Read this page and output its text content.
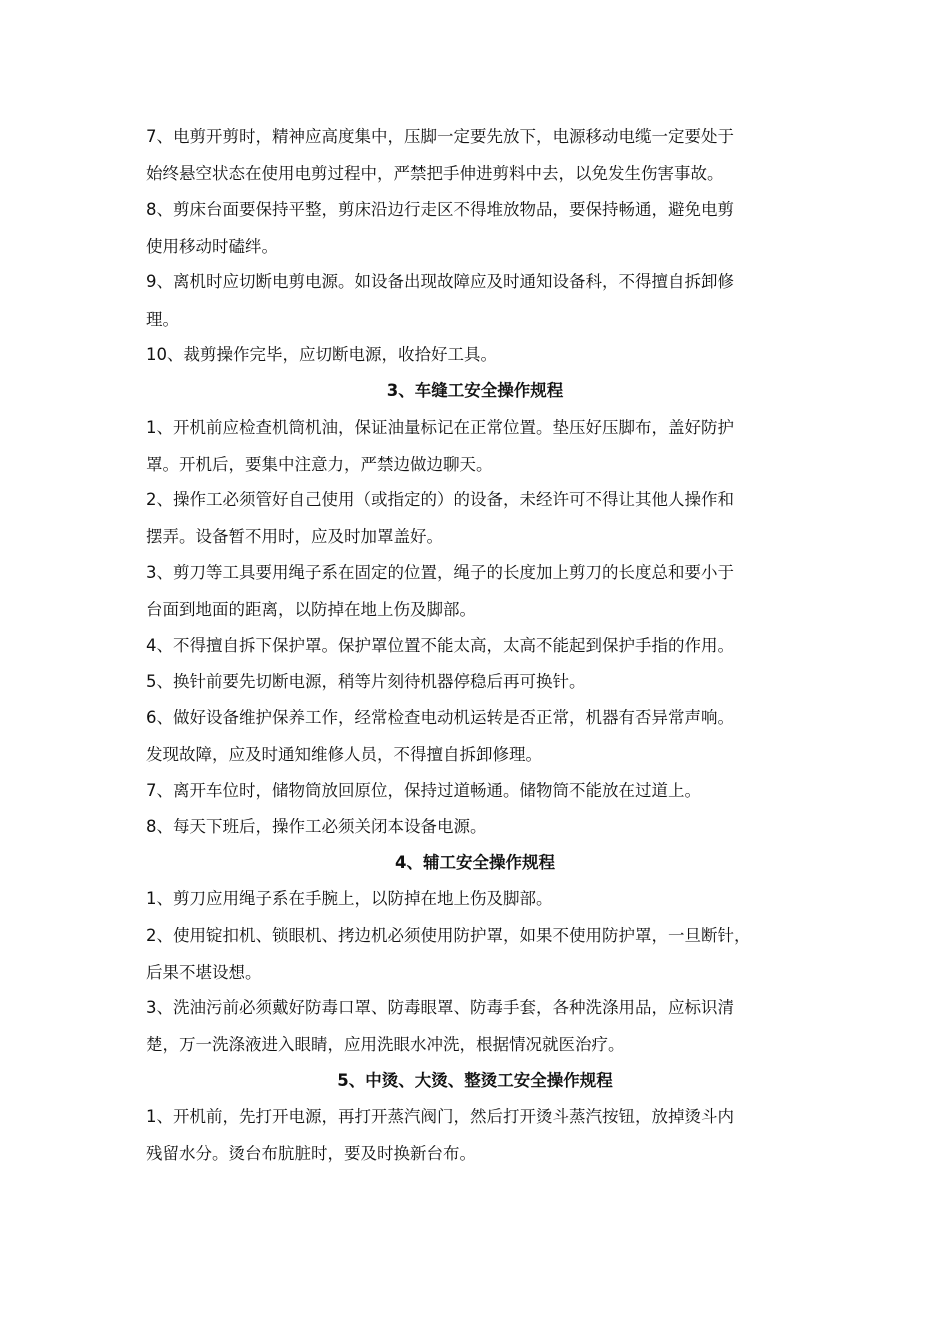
7、电剪开剪时，精神应高度集中，压脚一定要先放下，电源移动电缆一定要处于
始终悬空状态在使用电剪过程中，严禁把手伸进剪料中去，以免发生伤害事故。
8、剪床台面要保持平整，剪床沿边行走区不得堆放物品，要保持畅通，避免电剪
使用移动时磕绊。
9、离机时应切断电剪电源。如设备出现故障应及时通知设备科，不得擅自拆卸修
理。
10、裁剪操作完毕，应切断电源，收拾好工具。
3、车缝工安全操作规程
1、开机前应检查机筒机油，保证油量标记在正常位置。垫压好压脚布，盖好防护
罩。开机后，要集中注意力，严禁边做边聊天。
2、操作工必须管好自己使用（或指定的）的设备，未经许可不得让其他人操作和
摆弄。设备暂不用时，应及时加罩盖好。
3、剪刀等工具要用绳子系在固定的位置，绳子的长度加上剪刀的长度总和要小于
台面到地面的距离，以防掉在地上伤及脚部。
4、不得擅自拆下保护罩。保护罩位置不能太高，太高不能起到保护手指的作用。
5、换针前要先切断电源，稍等片刻待机器停稳后再可换针。
6、做好设备维护保养工作，经常检查电动机运转是否正常，机器有否异常声响。
发现故障，应及时通知维修人员，不得擅自拆卸修理。
7、离开车位时，储物筒放回原位，保持过道畅通。储物筒不能放在过道上。
8、每天下班后，操作工必须关闭本设备电源。
4、辅工安全操作规程
1、剪刀应用绳子系在手腕上，以防掉在地上伤及脚部。
2、使用锭扣机、锁眼机、拷边机必须使用防护罩，如果不使用防护罩，一旦断针，
后果不堪设想。
3、洗油污前必须戴好防毒口罩、防毒眼罩、防毒手套，各种洗涤用品，应标识清
楚，万一洗涤液进入眼睛，应用洗眼水冲洗，根据情况就医治疗。
5、中烫、大烫、整烫工安全操作规程
1、开机前，先打开电源，再打开蒸汽阀门，然后打开烫斗蒸汽按钮，放掉烫斗内
残留水分。烫台布肮脏时，要及时换新台布。
